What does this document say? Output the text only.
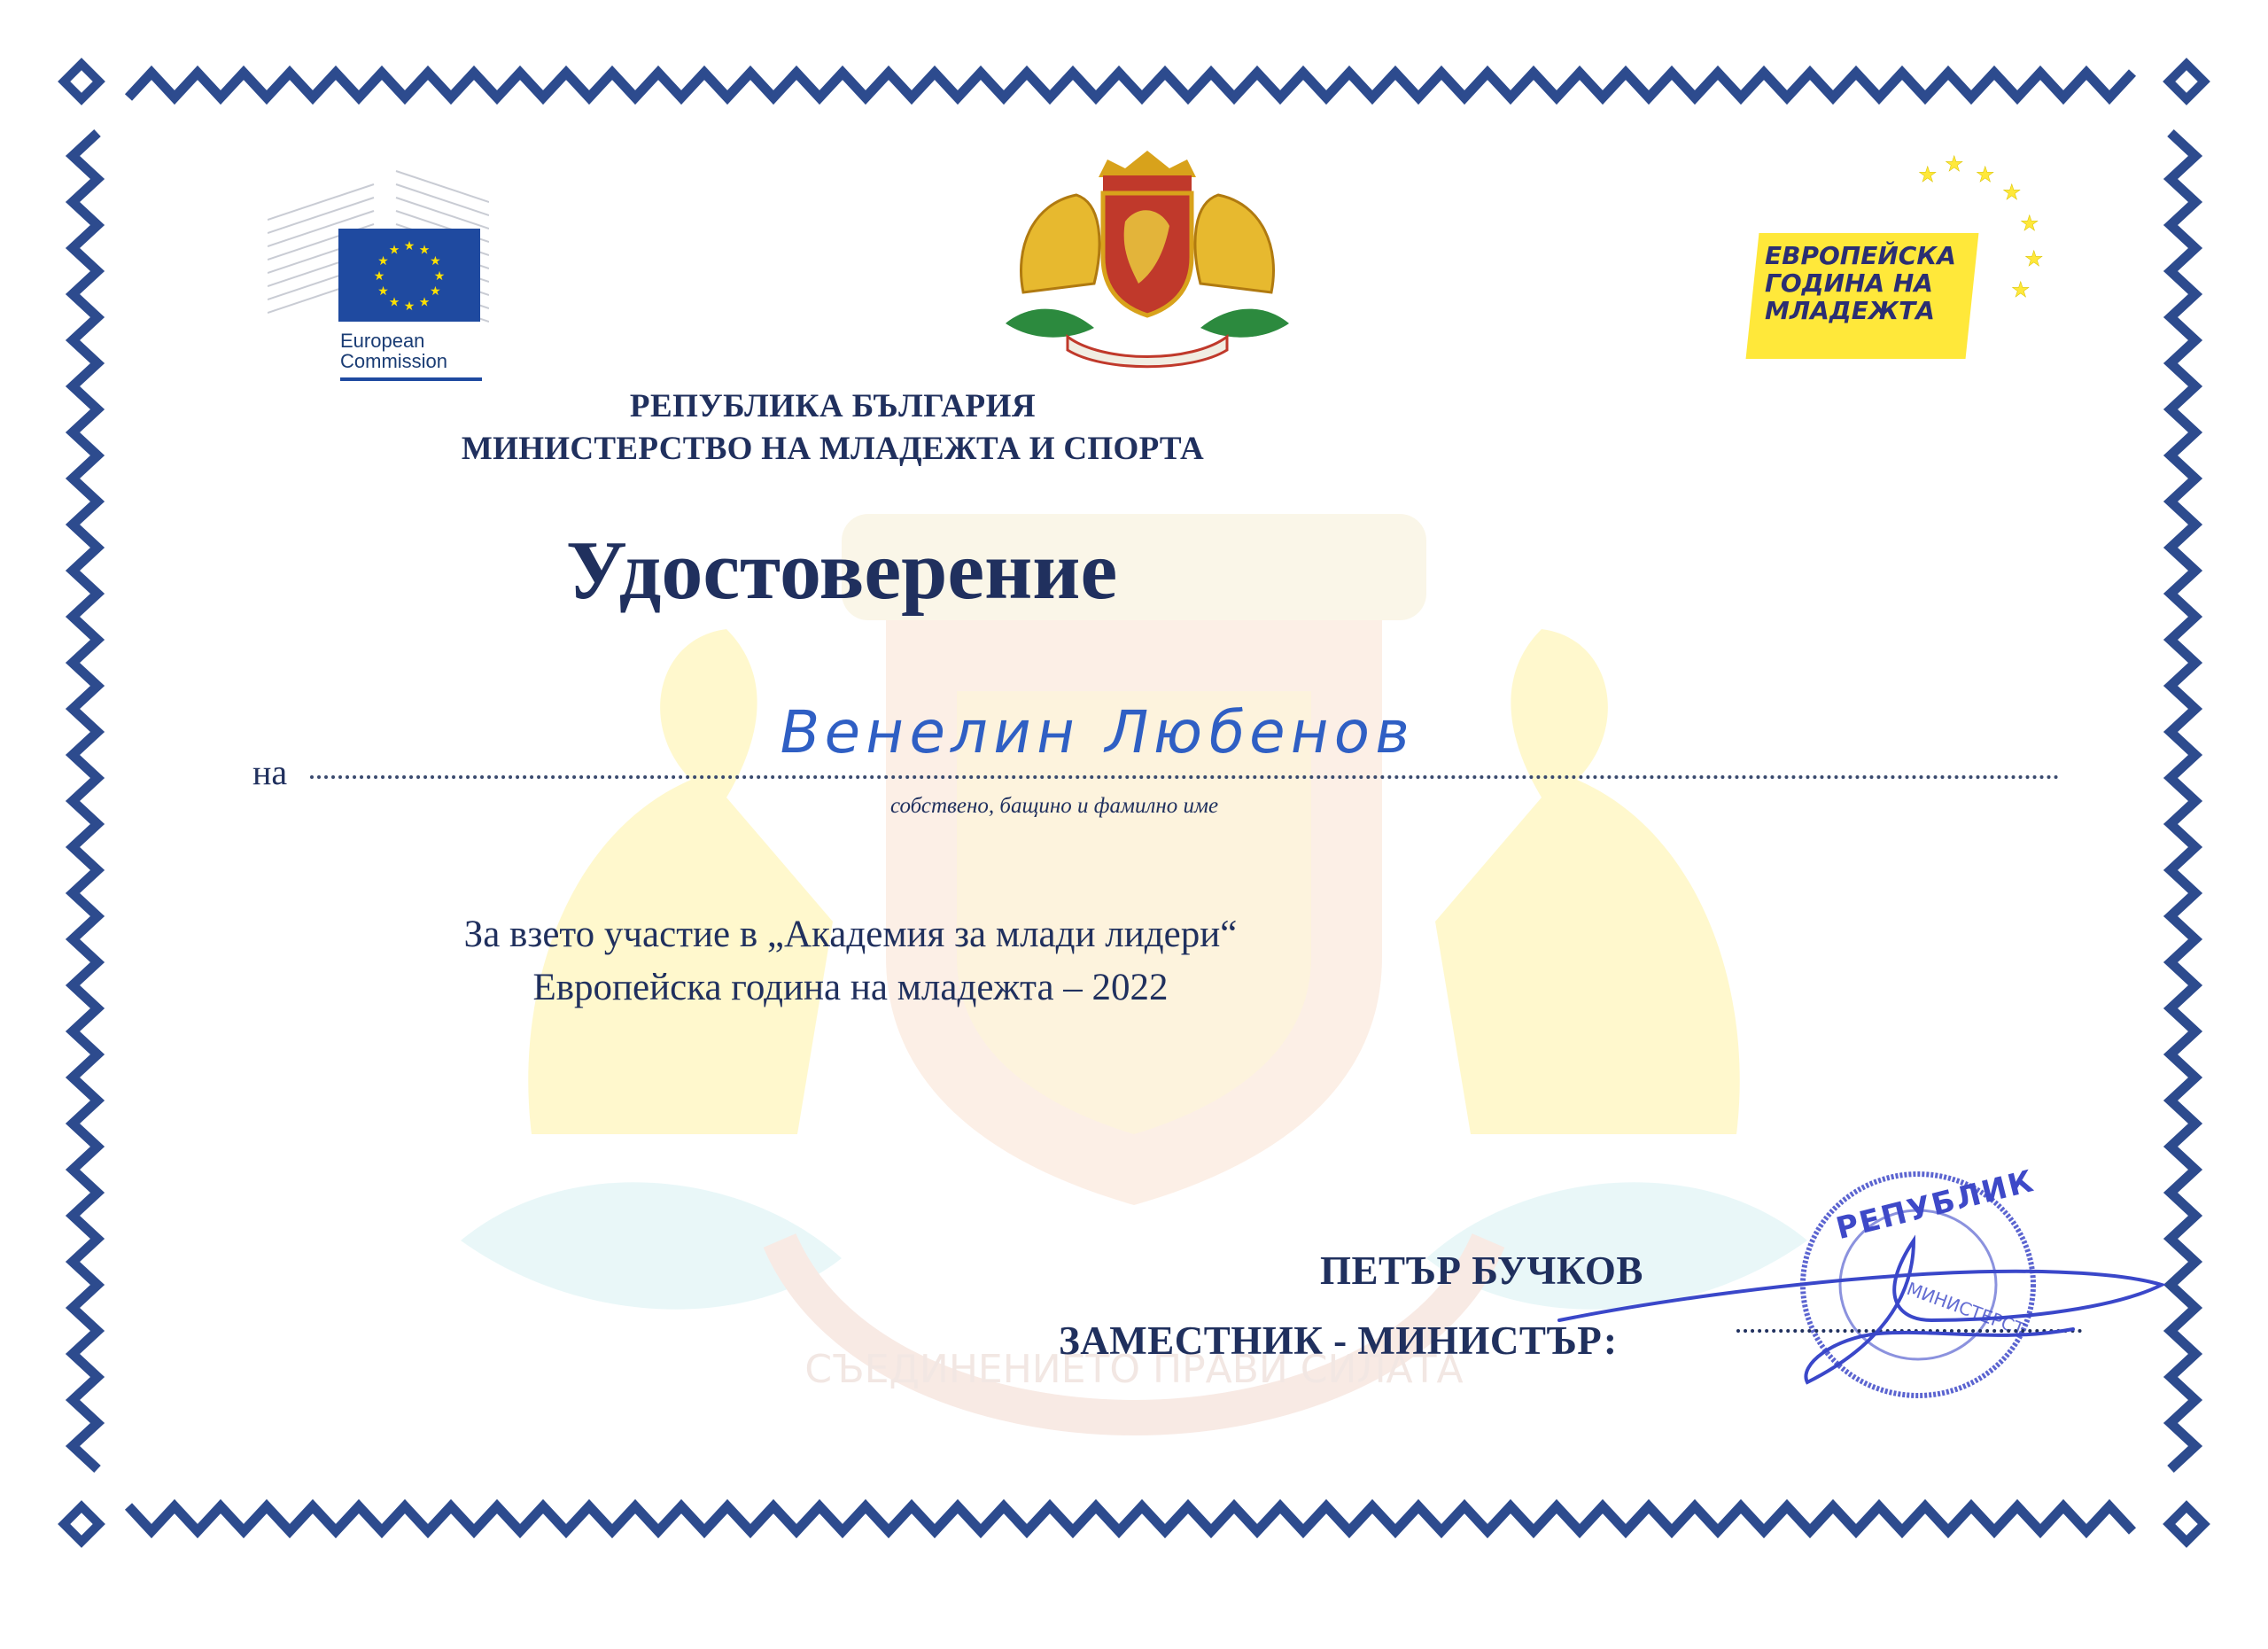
СЪЕДИНЕНИЕТО ПРАВИ СИЛАТА
★
★
★
★
★
★
★
★
★ ★ ★
★
European
Commission
★ ★ ★
★
★
★
★
ЕВРОПЕЙСКА
ГОДИНА НА
МЛАДЕЖТА
РЕПУБЛИКА БЪЛГАРИЯ
МИНИСТЕРСТВО НА МЛАДЕЖТА И СПОРТА
Удостоверение
на
Венелин Любенов
собствено, бащино и фамилно име
За взето участие в „Академия за млади лидери“
Европейска година на младежта – 2022
МИНИСТЕРСТ
РЕПУБЛИК
ПЕТЪР БУЧКОВ
ЗАМЕСТНИК - МИНИСТЪР:
